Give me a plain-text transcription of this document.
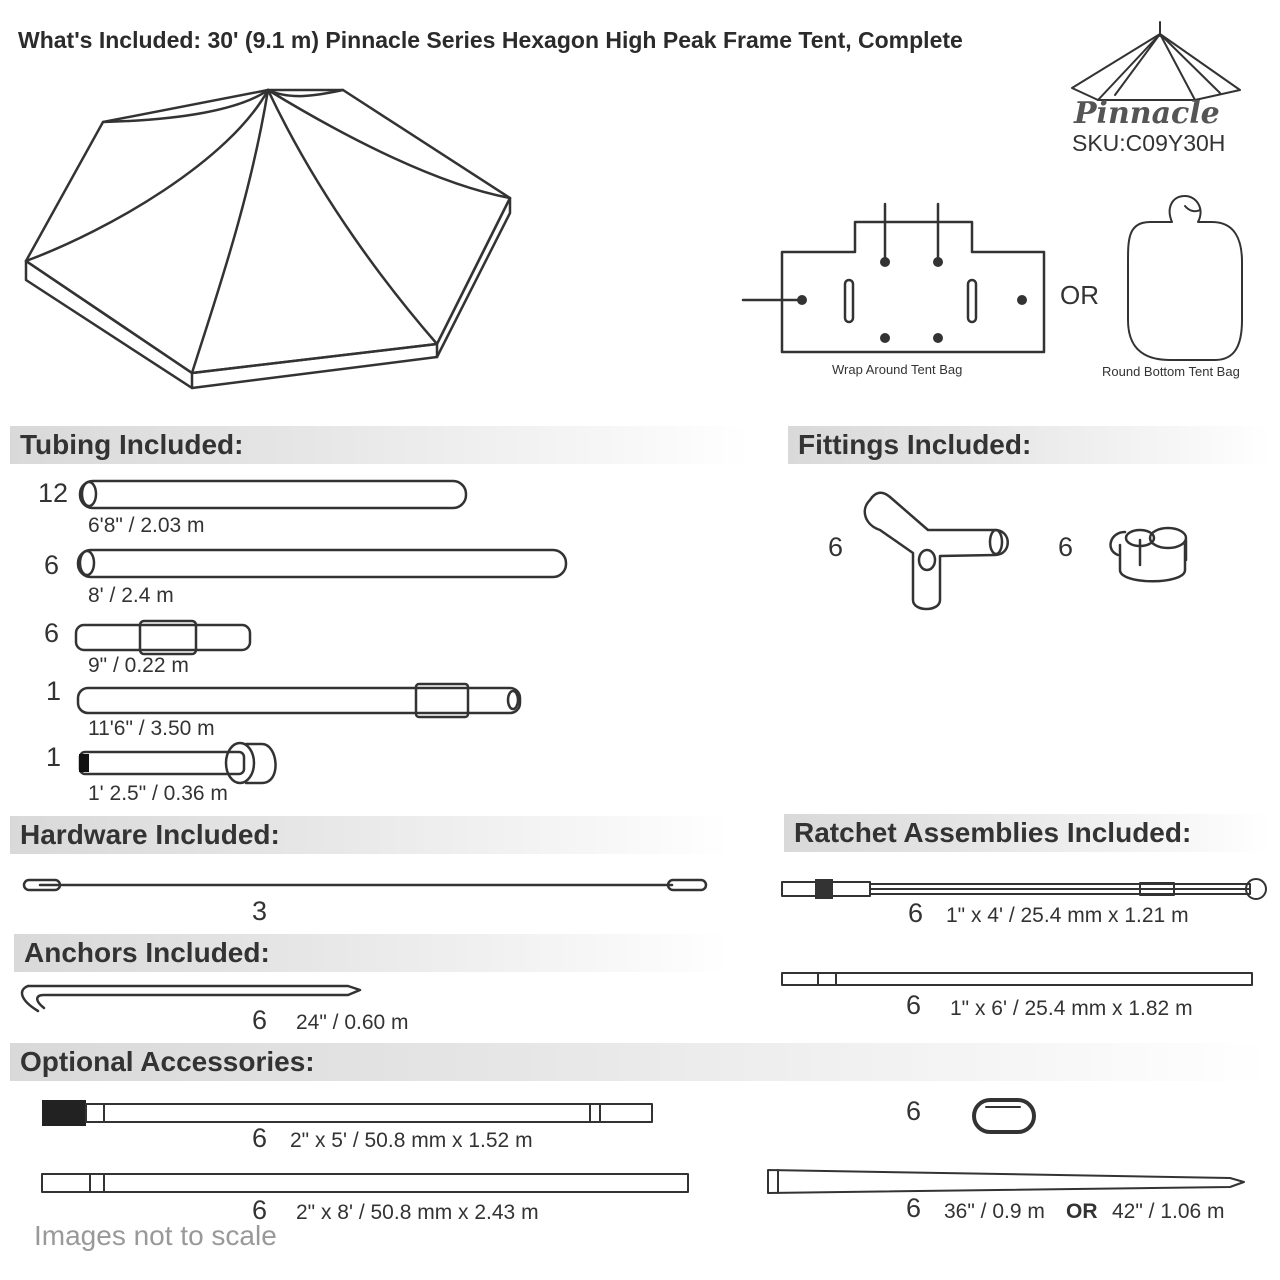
What's Included: 30' (9.1 m) Pinnacle Series Hexagon High Peak Frame Tent, Complete
Tubing Included:	Fittings Included:
Hardware Included:	Ratchet Assemblies Included:
Anchors Included:
Optional Accessories:
Pinnacle
SKU:C09Y30H
Wrap Around Tent Bag
OR
Round Bottom Tent Bag
12
6'8" / 2.03 m
6
8' / 2.4 m
6
9" / 0.22 m
1
11'6" / 3.50 m
1
1' 2.5" / 0.36 m
6	6
3	6 1" x 4' / 25.4 mm x 1.21 m
6 1" x 6' / 25.4 mm x 1.82 m
6 24" / 0.60 m
6 2" x 5' / 50.8 mm x 1.52 m
6 2" x 8' / 50.8 mm x 2.43 m
6
6 36" / 0.9 m OR 42" / 1.06 m
Images not to scale
